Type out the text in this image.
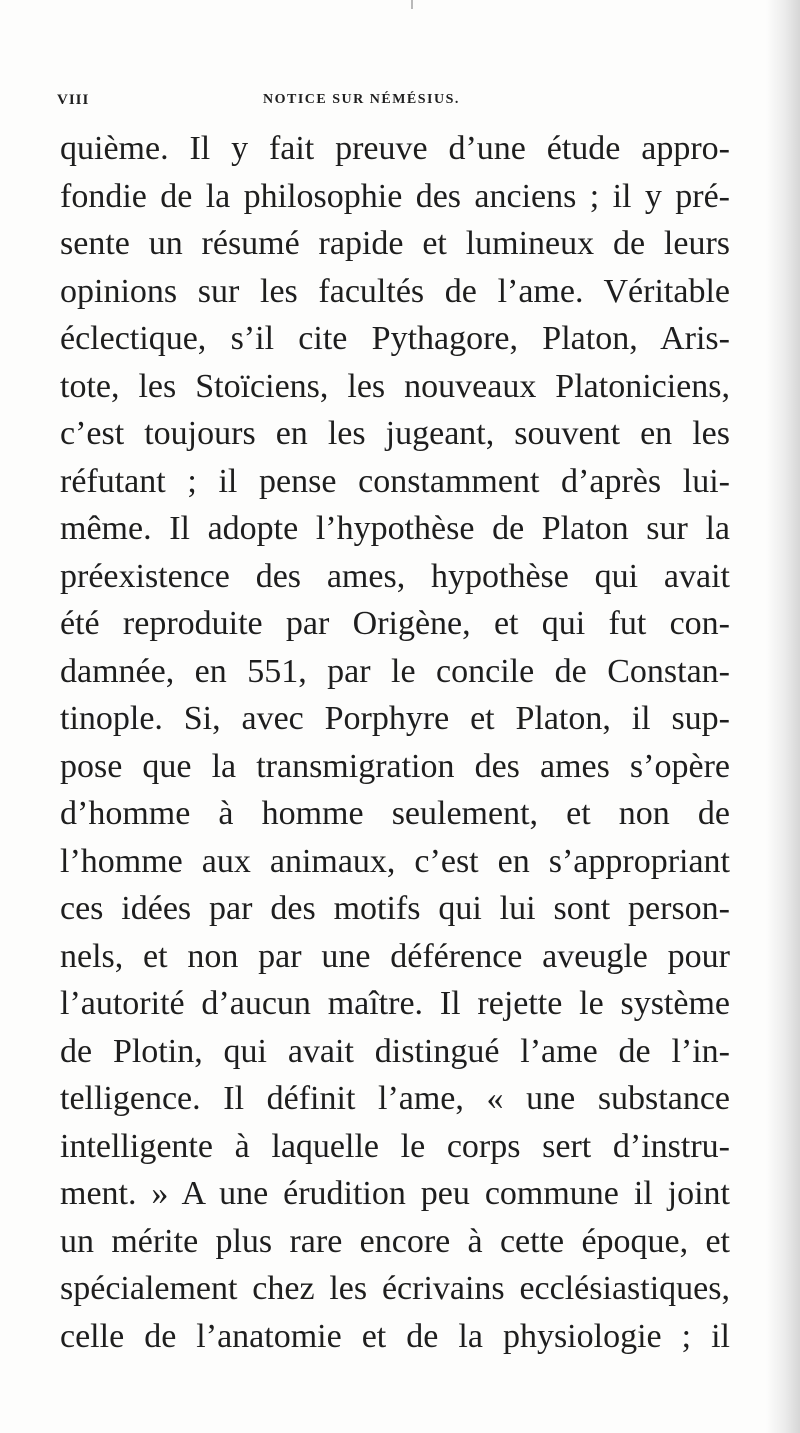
VIII	NOTICE SUR NÉMÉSIUS.
quième. Il y fait preuve d’une étude appro-
fondie de la philosophie des anciens ; il y pré-
sente un résumé rapide et lumineux de leurs
opinions sur les facultés de l’ame. Véritable
éclectique, s’il cite Pythagore, Platon, Aris-
tote, les Stoïciens, les nouveaux Platoniciens,
c’est toujours en les jugeant, souvent en les
réfutant ; il pense constamment d’après lui-
même. Il adopte l’hypothèse de Platon sur la
préexistence des ames, hypothèse qui avait
été reproduite par Origène, et qui fut con-
damnée, en 551, par le concile de Constan-
tinople. Si, avec Porphyre et Platon, il sup-
pose que la transmigration des ames s’opère
d’homme à homme seulement, et non de
l’homme aux animaux, c’est en s’appropriant
ces idées par des motifs qui lui sont person-
nels, et non par une déférence aveugle pour
l’autorité d’aucun maître. Il rejette le système
de Plotin, qui avait distingué l’ame de l’in-
telligence. Il définit l’ame, « une substance
intelligente à laquelle le corps sert d’instru-
ment. » A une érudition peu commune il joint
un mérite plus rare encore à cette époque, et
spécialement chez les écrivains ecclésiastiques,
celle de l’anatomie et de la physiologie ; il
